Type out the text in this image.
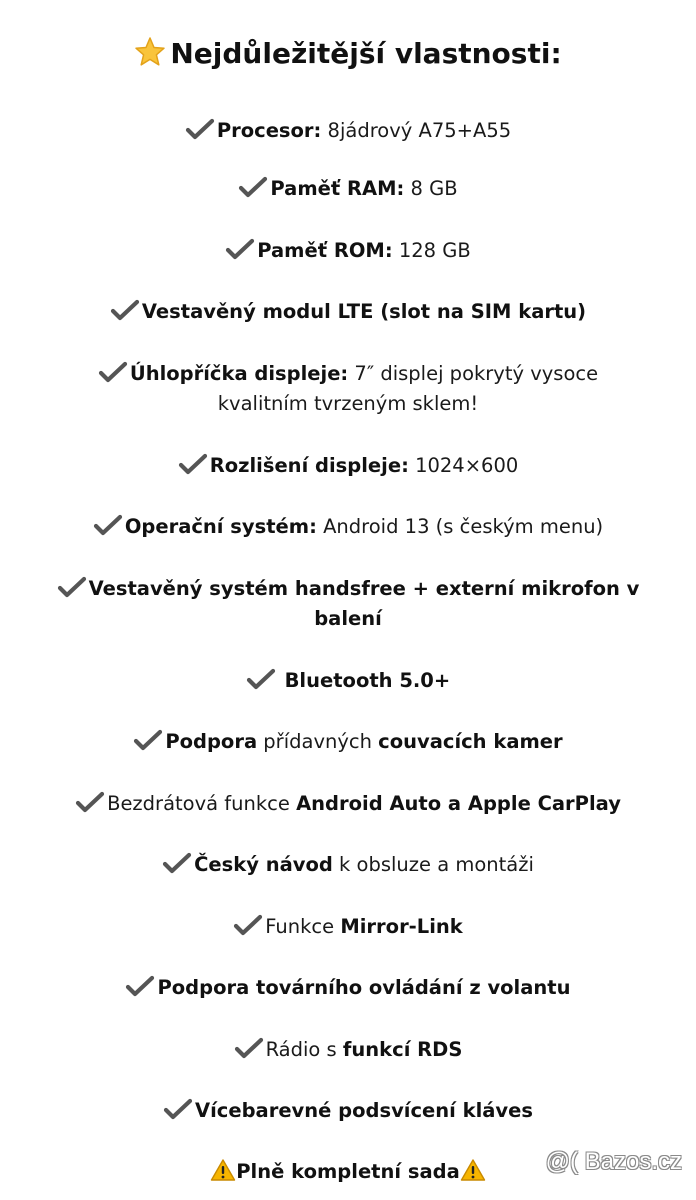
Nejdůležitější vlastnosti:
Procesor: 8jádrový A75+A55
Paměť RAM: 8 GB
Paměť ROM: 128 GB
Vestavěný modul LTE (slot na SIM kartu)
Úhlopříčka displeje: 7″ displej pokrytý vysoce kvalitním tvrzeným sklem!
Rozlišení displeje: 1024×600
Operační systém: Android 13 (s českým menu)
Vestavěný systém handsfree + externí mikrofon v balení
Bluetooth 5.0+
Podpora přídavných couvacích kamer
Bezdrátová funkce Android Auto a Apple CarPlay
Český návod k obsluze a montáži
Funkce Mirror-Link
Podpora továrního ovládání z volantu
Rádio s funkcí RDS
Vícebarevné podsvícení kláves
Plně kompletní sada	@( Bazos.cz
